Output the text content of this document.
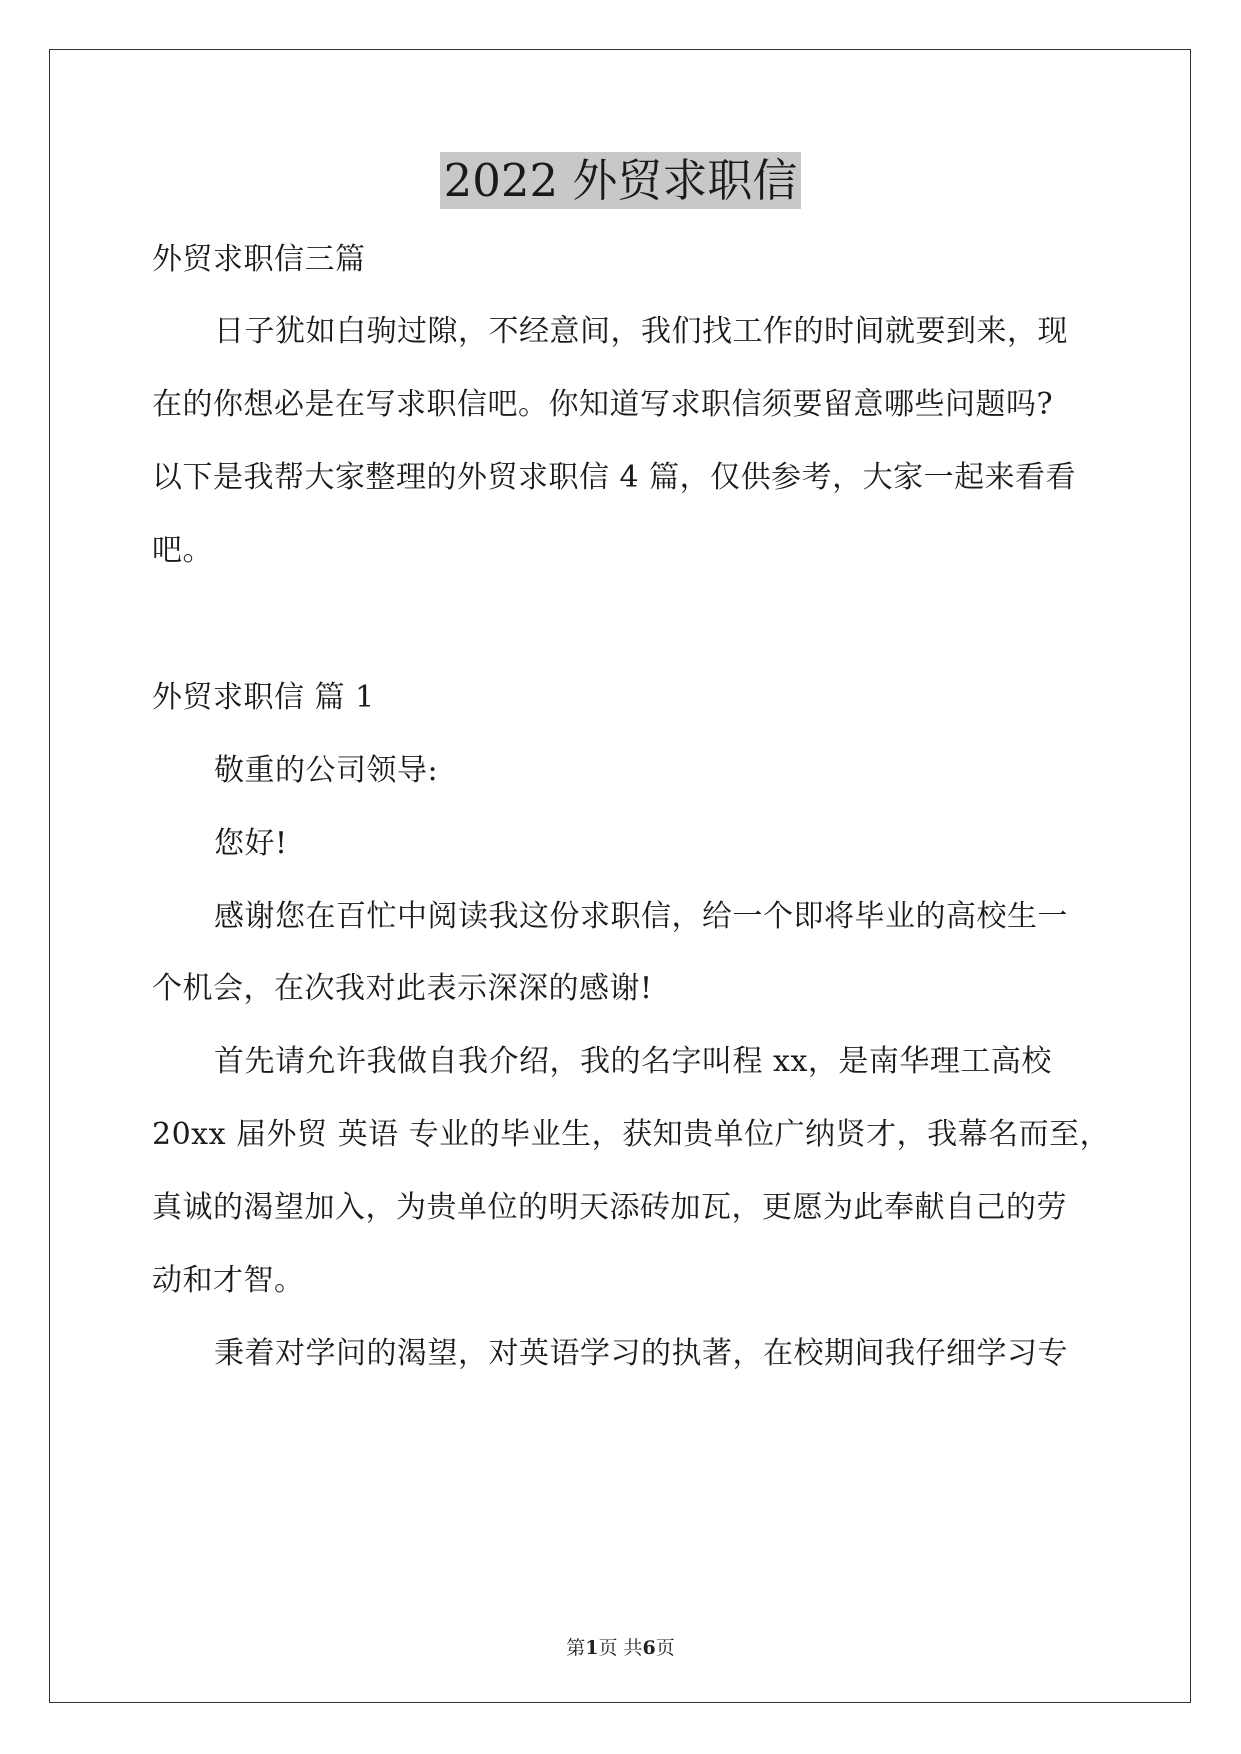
2022 外贸求职信
外贸求职信三篇
日子犹如白驹过隙，不经意间，我们找工作的时间就要到来，现
在的你想必是在写求职信吧。你知道写求职信须要留意哪些问题吗?
以下是我帮大家整理的外贸求职信 4 篇，仅供参考，大家一起来看看
吧。
外贸求职信 篇 1
敬重的公司领导:
您好!
感谢您在百忙中阅读我这份求职信，给一个即将毕业的高校生一
个机会，在次我对此表示深深的感谢!
首先请允许我做自我介绍，我的名字叫程 xx，是南华理工高校
20xx 届外贸 英语 专业的毕业生，获知贵单位广纳贤才，我幕名而至，
真诚的渴望加入，为贵单位的明天添砖加瓦，更愿为此奉献自己的劳
动和才智。
秉着对学问的渴望，对英语学习的执著，在校期间我仔细学习专
第1页 共6页
